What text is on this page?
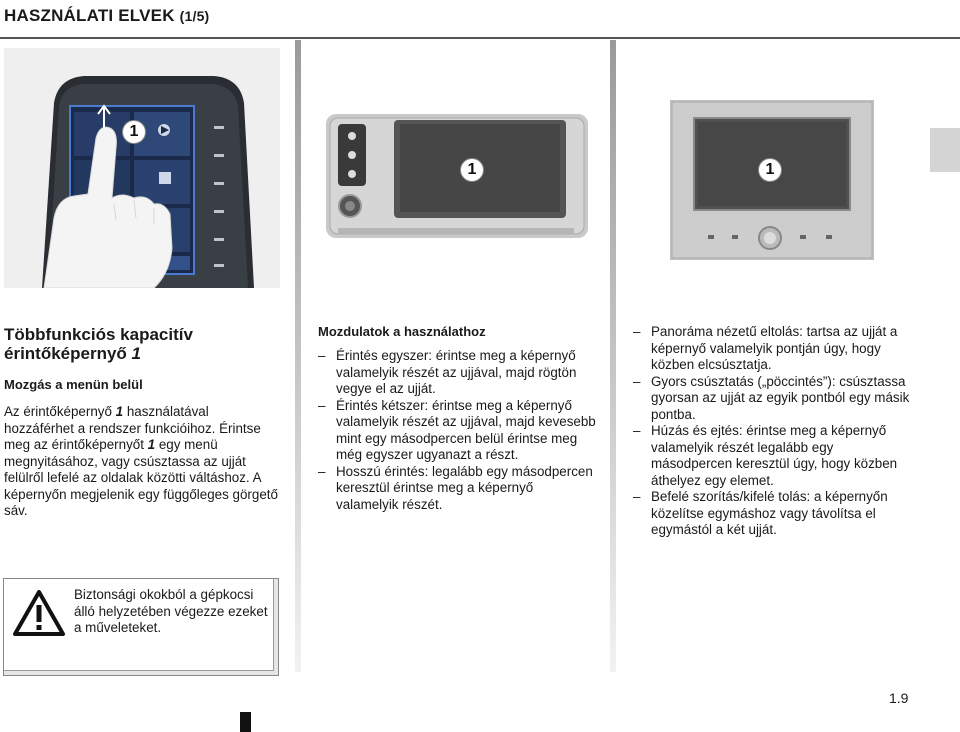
HASZNÁLATI ELVEK (1/5)
1
1	1
Többfunkciós kapacitív érintőképernyő 1
Mozgás a menün belül
Az érintőképernyő 1 használatával hozzáférhet a rendszer funkcióihoz. Érintse meg az érintőképernyőt 1 egy menü megnyitásához, vagy csúsztassa az ujját felülről lefelé az oldalak közötti váltáshoz. A képernyőn megjelenik egy függőleges görgető sáv.
Mozdulatok a használathoz
– Érintés egyszer: érintse meg a képernyő valamelyik részét az ujjával, majd rögtön vegye el az ujját.
– Érintés kétszer: érintse meg a képernyő valamelyik részét az ujjával, majd kevesebb mint egy másodpercen belül érintse meg még egyszer ugyanazt a részt.
– Hosszú érintés: legalább egy másodpercen keresztül érintse meg a képernyő valamelyik részét.
– Panoráma nézetű eltolás: tartsa az ujját a képernyő valamelyik pontján úgy, hogy közben elcsúsztatja.
– Gyors csúsztatás („pöccintés”): csúsztassa gyorsan az ujját az egyik pontból egy másik pontba.
– Húzás és ejtés: érintse meg a képernyő valamelyik részét legalább egy másodpercen keresztül úgy, hogy közben áthelyez egy elemet.
– Befelé szorítás/kifelé tolás: a képernyőn közelítse egymáshoz vagy távolítsa el egymástól a két ujját.
Biztonsági okokból a gépkocsi álló helyzetében végezze ezeket a műveleteket.
1.9
